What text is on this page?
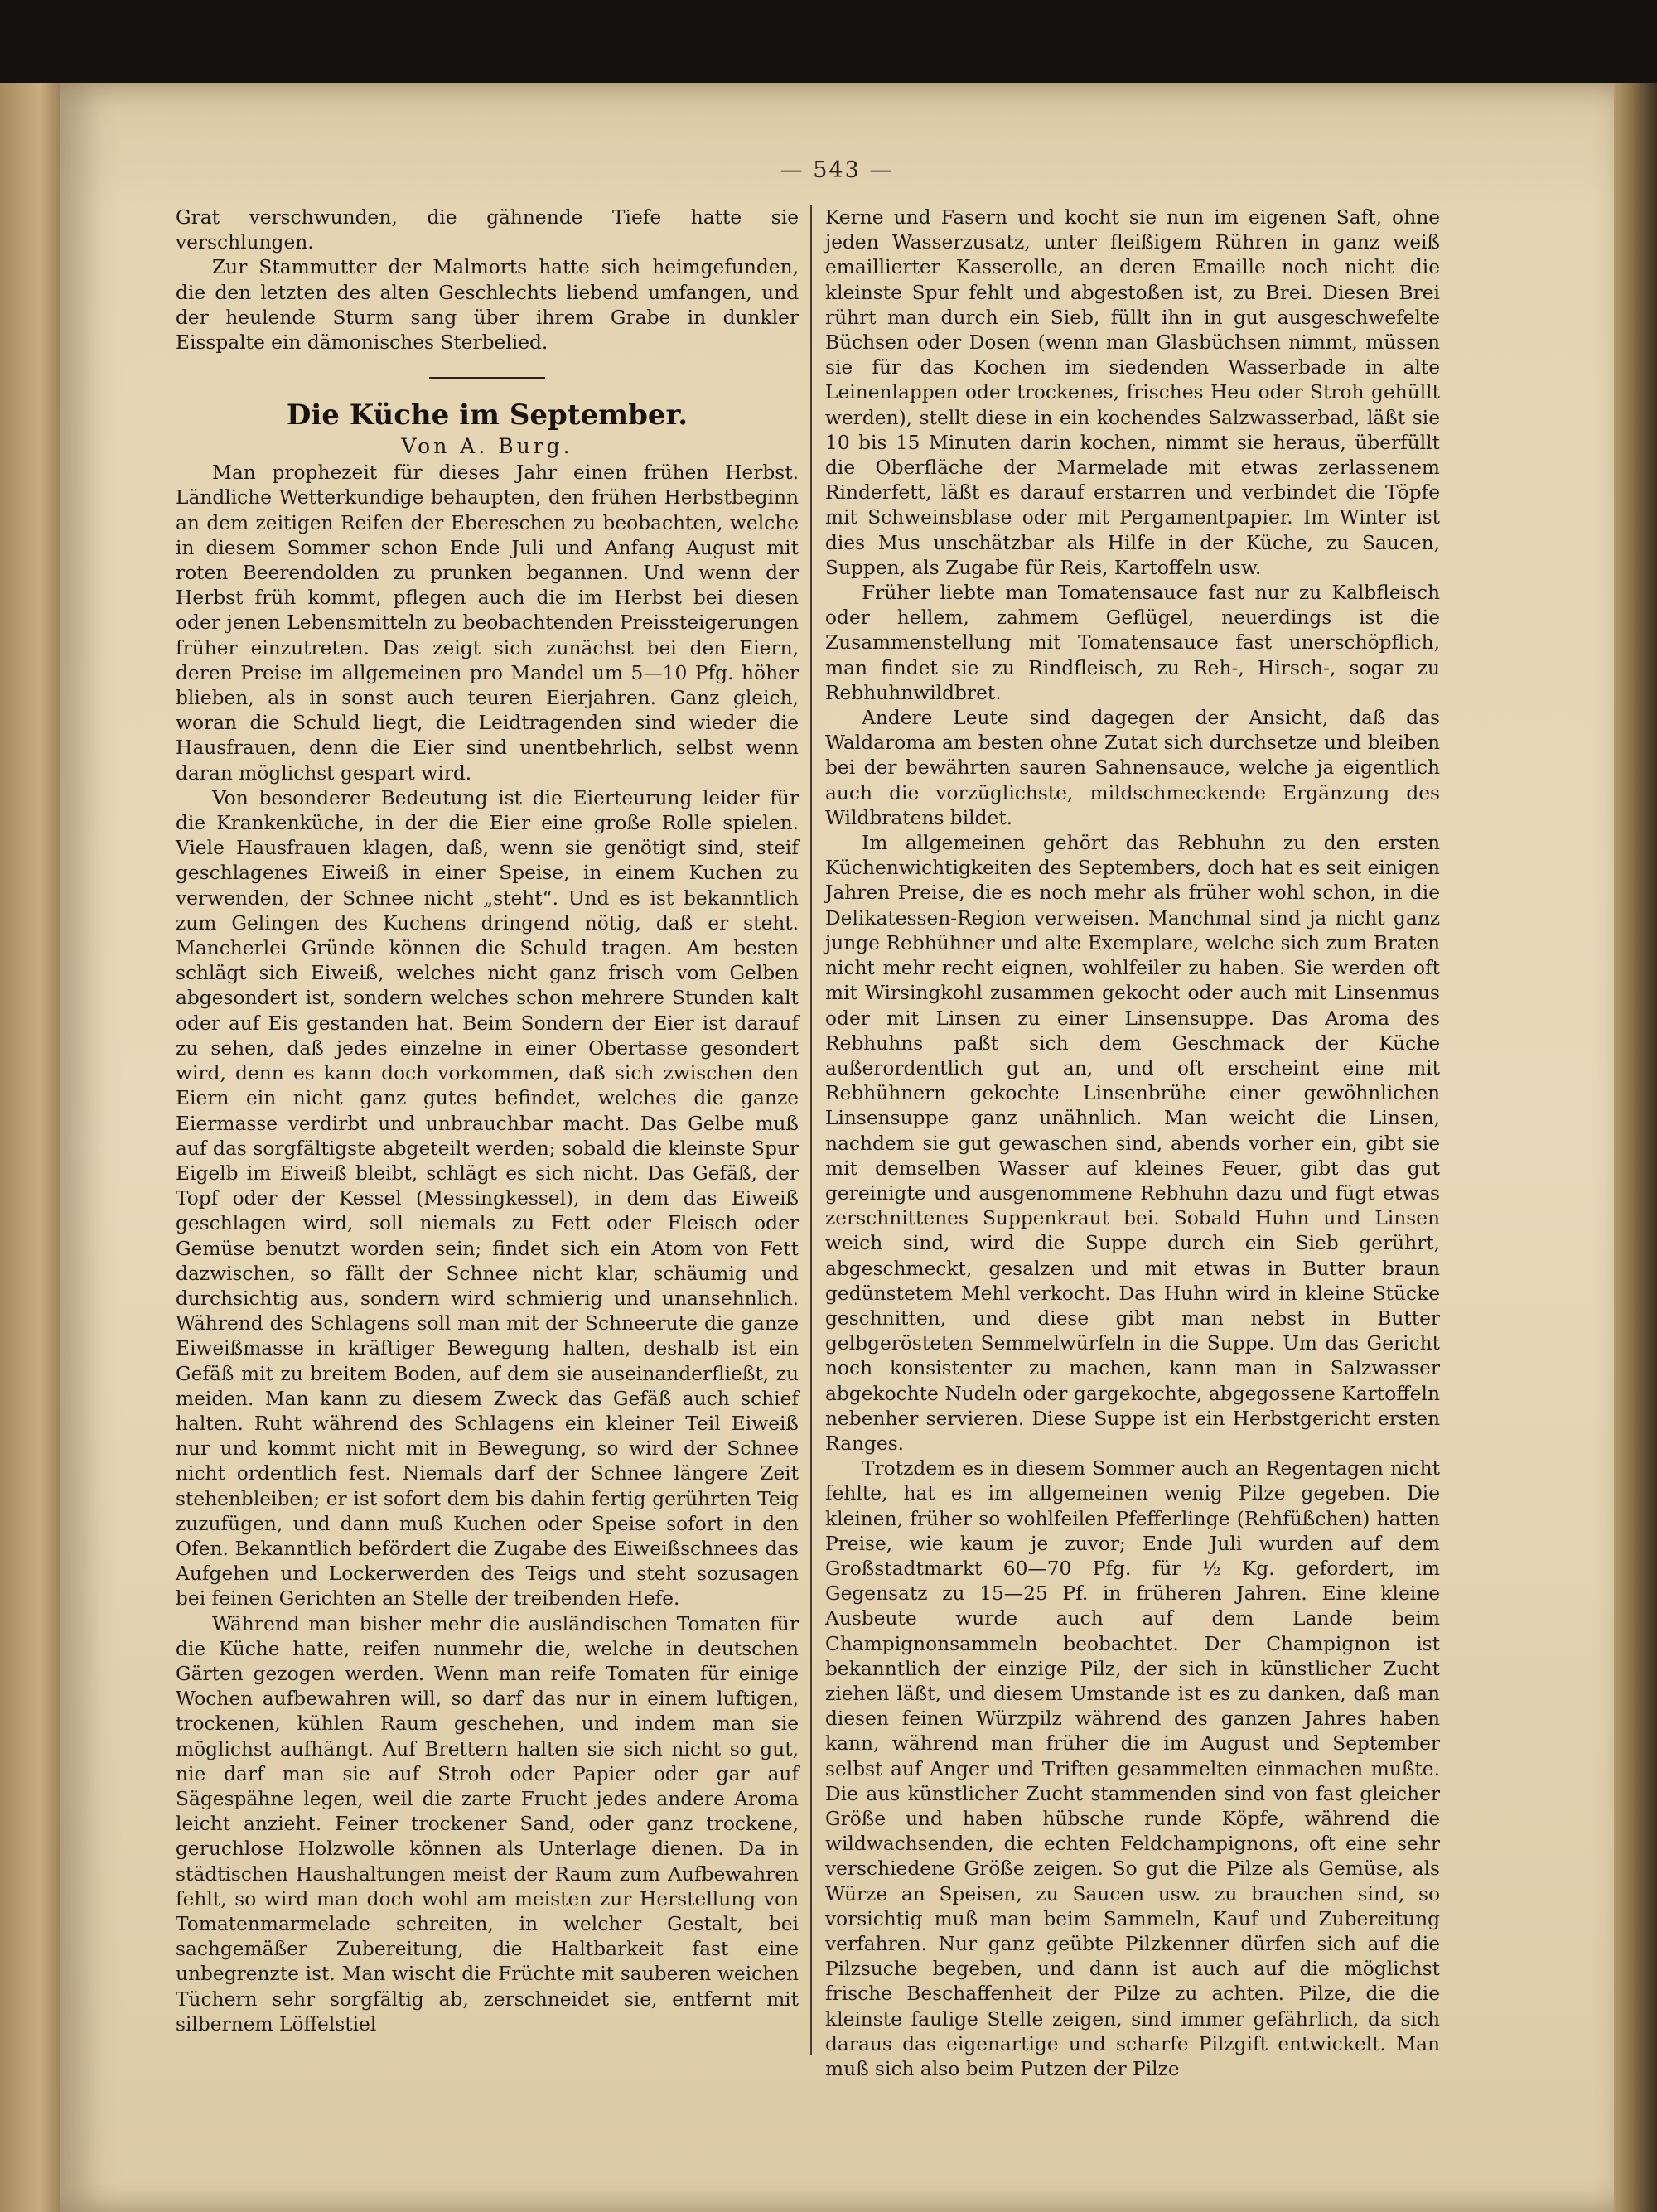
— 543 —

Grat verschwunden, die gähnende Tiefe hatte sie verschlungen.

Zur Stammutter der Malmorts hatte sich heimgefunden, die den letzten des alten Geschlechts liebend umfangen, und der heulende Sturm sang über ihrem Grabe in dunkler Eisspalte ein dämonisches Sterbelied.

Die Küche im September.

Von A. Burg.

Man prophezeit für dieses Jahr einen frühen Herbst. Ländliche Wetterkundige behaupten, den frühen Herbstbeginn an dem zeitigen Reifen der Ebereschen zu beobachten, welche in diesem Sommer schon Ende Juli und Anfang August mit roten Beerendolden zu prunken begannen. Und wenn der Herbst früh kommt, pflegen auch die im Herbst bei diesen oder jenen Lebensmitteln zu beobachtenden Preissteigerungen früher einzutreten. Das zeigt sich zunächst bei den Eiern, deren Preise im allgemeinen pro Mandel um 5—10 Pfg. höher blieben, als in sonst auch teuren Eierjahren. Ganz gleich, woran die Schuld liegt, die Leidtragenden sind wieder die Hausfrauen, denn die Eier sind unentbehrlich, selbst wenn daran möglichst gespart wird.

Von besonderer Bedeutung ist die Eierteurung leider für die Krankenküche, in der die Eier eine große Rolle spielen. Viele Hausfrauen klagen, daß, wenn sie genötigt sind, steif geschlagenes Eiweiß in einer Speise, in einem Kuchen zu verwenden, der Schnee nicht „steht“. Und es ist bekanntlich zum Gelingen des Kuchens dringend nötig, daß er steht. Mancherlei Gründe können die Schuld tragen. Am besten schlägt sich Eiweiß, welches nicht ganz frisch vom Gelben abgesondert ist, sondern welches schon mehrere Stunden kalt oder auf Eis gestanden hat. Beim Sondern der Eier ist darauf zu sehen, daß jedes einzelne in einer Obertasse gesondert wird, denn es kann doch vorkommen, daß sich zwischen den Eiern ein nicht ganz gutes befindet, welches die ganze Eiermasse verdirbt und unbrauchbar macht. Das Gelbe muß auf das sorgfältigste abgeteilt werden; sobald die kleinste Spur Eigelb im Eiweiß bleibt, schlägt es sich nicht. Das Gefäß, der Topf oder der Kessel (Messingkessel), in dem das Eiweiß geschlagen wird, soll niemals zu Fett oder Fleisch oder Gemüse benutzt worden sein; findet sich ein Atom von Fett dazwischen, so fällt der Schnee nicht klar, schäumig und durchsichtig aus, sondern wird schmierig und unansehnlich. Während des Schlagens soll man mit der Schneerute die ganze Eiweißmasse in kräftiger Bewegung halten, deshalb ist ein Gefäß mit zu breitem Boden, auf dem sie auseinanderfließt, zu meiden. Man kann zu diesem Zweck das Gefäß auch schief halten. Ruht während des Schlagens ein kleiner Teil Eiweiß nur und kommt nicht mit in Bewegung, so wird der Schnee nicht ordentlich fest. Niemals darf der Schnee längere Zeit stehenbleiben; er ist sofort dem bis dahin fertig gerührten Teig zuzufügen, und dann muß Kuchen oder Speise sofort in den Ofen. Bekanntlich befördert die Zugabe des Eiweißschnees das Aufgehen und Lockerwerden des Teigs und steht sozusagen bei feinen Gerichten an Stelle der treibenden Hefe.

Während man bisher mehr die ausländischen Tomaten für die Küche hatte, reifen nunmehr die, welche in deutschen Gärten gezogen werden. Wenn man reife Tomaten für einige Wochen aufbewahren will, so darf das nur in einem luftigen, trockenen, kühlen Raum geschehen, und indem man sie möglichst aufhängt. Auf Brettern halten sie sich nicht so gut, nie darf man sie auf Stroh oder Papier oder gar auf Sägespähne legen, weil die zarte Frucht jedes andere Aroma leicht anzieht. Feiner trockener Sand, oder ganz trockene, geruchlose Holzwolle können als Unterlage dienen. Da in städtischen Haushaltungen meist der Raum zum Aufbewahren fehlt, so wird man doch wohl am meisten zur Herstellung von Tomatenmarmelade schreiten, in welcher Gestalt, bei sachgemäßer Zubereitung, die Haltbarkeit fast eine unbegrenzte ist. Man wischt die Früchte mit sauberen weichen Tüchern sehr sorgfältig ab, zerschneidet sie, entfernt mit silbernem Löffelstiel

Kerne und Fasern und kocht sie nun im eigenen Saft, ohne jeden Wasserzusatz, unter fleißigem Rühren in ganz weiß emaillierter Kasserolle, an deren Emaille noch nicht die kleinste Spur fehlt und abgestoßen ist, zu Brei. Diesen Brei rührt man durch ein Sieb, füllt ihn in gut ausgeschwefelte Büchsen oder Dosen (wenn man Glasbüchsen nimmt, müssen sie für das Kochen im siedenden Wasserbade in alte Leinenlappen oder trockenes, frisches Heu oder Stroh gehüllt werden), stellt diese in ein kochendes Salzwasserbad, läßt sie 10 bis 15 Minuten darin kochen, nimmt sie heraus, überfüllt die Oberfläche der Marmelade mit etwas zerlassenem Rinderfett, läßt es darauf erstarren und verbindet die Töpfe mit Schweinsblase oder mit Pergamentpapier. Im Winter ist dies Mus unschätzbar als Hilfe in der Küche, zu Saucen, Suppen, als Zugabe für Reis, Kartoffeln usw.

Früher liebte man Tomatensauce fast nur zu Kalbfleisch oder hellem, zahmem Geflügel, neuerdings ist die Zusammenstellung mit Tomatensauce fast unerschöpflich, man findet sie zu Rindfleisch, zu Reh-, Hirsch-, sogar zu Rebhuhnwildbret.

Andere Leute sind dagegen der Ansicht, daß das Waldaroma am besten ohne Zutat sich durchsetze und bleiben bei der bewährten sauren Sahnensauce, welche ja eigentlich auch die vorzüglichste, mildschmeckende Ergänzung des Wildbratens bildet.

Im allgemeinen gehört das Rebhuhn zu den ersten Küchenwichtigkeiten des Septembers, doch hat es seit einigen Jahren Preise, die es noch mehr als früher wohl schon, in die Delikatessen-Region verweisen. Manchmal sind ja nicht ganz junge Rebhühner und alte Exemplare, welche sich zum Braten nicht mehr recht eignen, wohlfeiler zu haben. Sie werden oft mit Wirsingkohl zusammen gekocht oder auch mit Linsenmus oder mit Linsen zu einer Linsensuppe. Das Aroma des Rebhuhns paßt sich dem Geschmack der Küche außerordentlich gut an, und oft erscheint eine mit Rebhühnern gekochte Linsenbrühe einer gewöhnlichen Linsensuppe ganz unähnlich. Man weicht die Linsen, nachdem sie gut gewaschen sind, abends vorher ein, gibt sie mit demselben Wasser auf kleines Feuer, gibt das gut gereinigte und ausgenommene Rebhuhn dazu und fügt etwas zerschnittenes Suppenkraut bei. Sobald Huhn und Linsen weich sind, wird die Suppe durch ein Sieb gerührt, abgeschmeckt, gesalzen und mit etwas in Butter braun gedünstetem Mehl verkocht. Das Huhn wird in kleine Stücke geschnitten, und diese gibt man nebst in Butter gelbgerösteten Semmelwürfeln in die Suppe. Um das Gericht noch konsistenter zu machen, kann man in Salzwasser abgekochte Nudeln oder gargekochte, abgegossene Kartoffeln nebenher servieren. Diese Suppe ist ein Herbstgericht ersten Ranges.

Trotzdem es in diesem Sommer auch an Regentagen nicht fehlte, hat es im allgemeinen wenig Pilze gegeben. Die kleinen, früher so wohlfeilen Pfefferlinge (Rehfüßchen) hatten Preise, wie kaum je zuvor; Ende Juli wurden auf dem Großstadtmarkt 60—70 Pfg. für ½ Kg. gefordert, im Gegensatz zu 15—25 Pf. in früheren Jahren. Eine kleine Ausbeute wurde auch auf dem Lande beim Champignonsammeln beobachtet. Der Champignon ist bekanntlich der einzige Pilz, der sich in künstlicher Zucht ziehen läßt, und diesem Umstande ist es zu danken, daß man diesen feinen Würzpilz während des ganzen Jahres haben kann, während man früher die im August und September selbst auf Anger und Triften gesammelten einmachen mußte. Die aus künstlicher Zucht stammenden sind von fast gleicher Größe und haben hübsche runde Köpfe, während die wildwachsenden, die echten Feldchampignons, oft eine sehr verschiedene Größe zeigen. So gut die Pilze als Gemüse, als Würze an Speisen, zu Saucen usw. zu brauchen sind, so vorsichtig muß man beim Sammeln, Kauf und Zubereitung verfahren. Nur ganz geübte Pilzkenner dürfen sich auf die Pilzsuche begeben, und dann ist auch auf die möglichst frische Beschaffenheit der Pilze zu achten. Pilze, die die kleinste faulige Stelle zeigen, sind immer gefährlich, da sich daraus das eigenartige und scharfe Pilzgift entwickelt. Man muß sich also beim Putzen der Pilze
